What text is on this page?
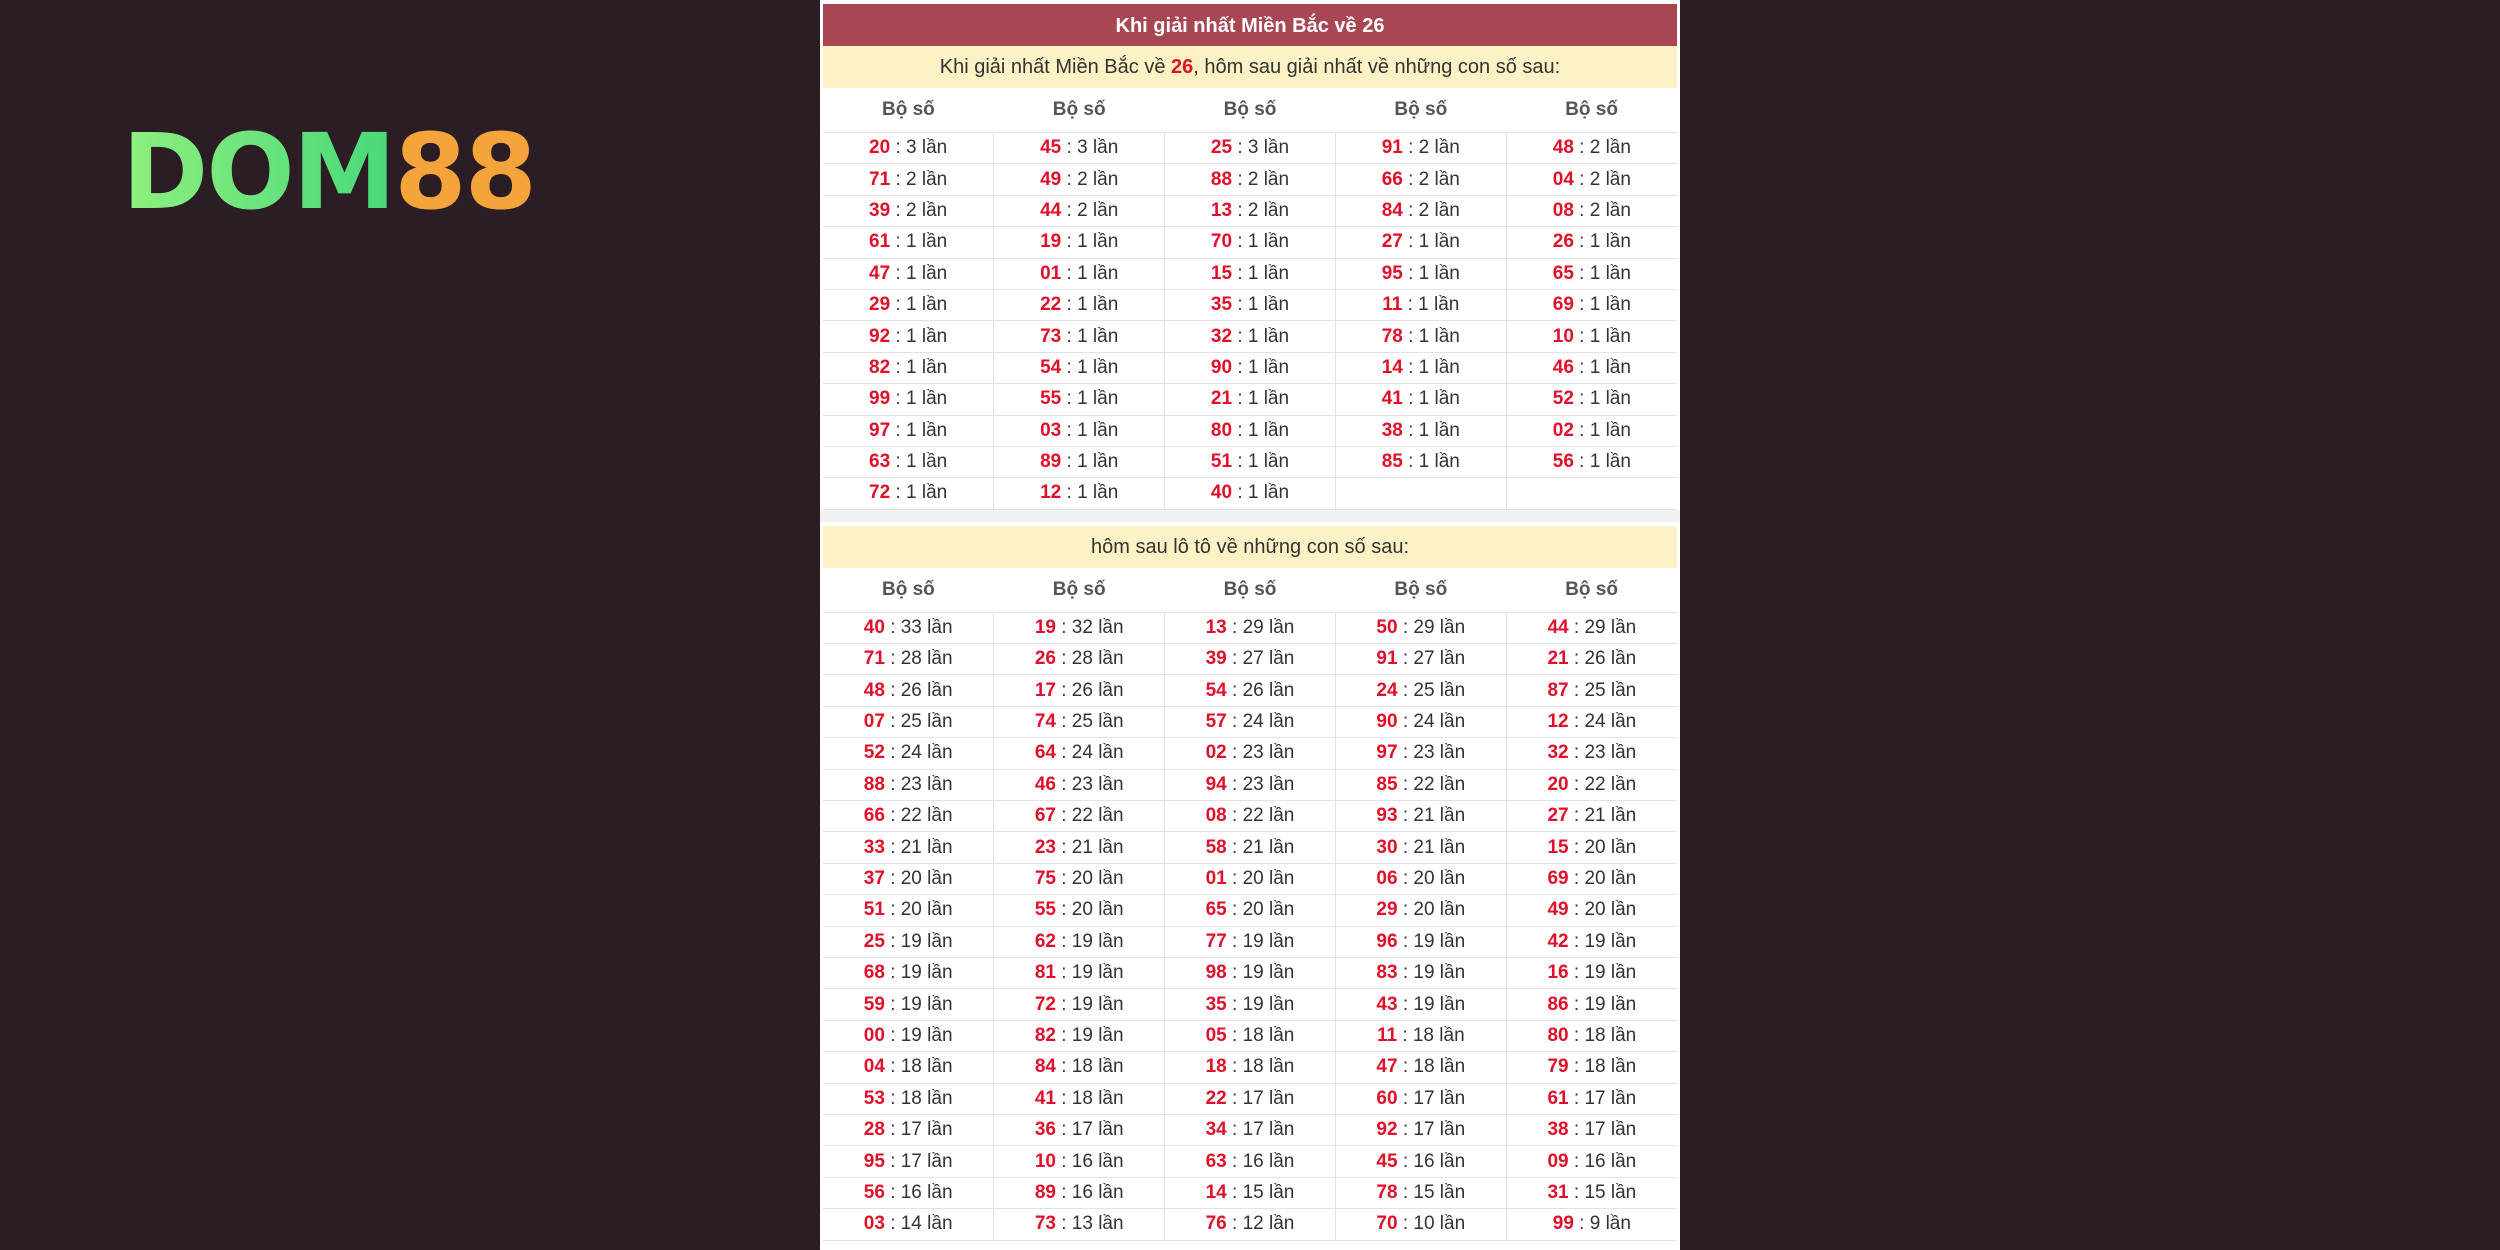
DOM 88
Khi giải nhất Miền Bắc về 26
Khi giải nhất Miền Bắc về 26, hôm sau giải nhất về những con số sau:
Bộ số	Bộ số	Bộ số	Bộ số	Bộ số
20 : 3 lần	45 : 3 lần	25 : 3 lần	91 : 2 lần	48 : 2 lần
71 : 2 lần	49 : 2 lần	88 : 2 lần	66 : 2 lần	04 : 2 lần
39 : 2 lần	44 : 2 lần	13 : 2 lần	84 : 2 lần	08 : 2 lần
61 : 1 lần	19 : 1 lần	70 : 1 lần	27 : 1 lần	26 : 1 lần
47 : 1 lần	01 : 1 lần	15 : 1 lần	95 : 1 lần	65 : 1 lần
29 : 1 lần	22 : 1 lần	35 : 1 lần	11 : 1 lần	69 : 1 lần
92 : 1 lần	73 : 1 lần	32 : 1 lần	78 : 1 lần	10 : 1 lần
82 : 1 lần	54 : 1 lần	90 : 1 lần	14 : 1 lần	46 : 1 lần
99 : 1 lần	55 : 1 lần	21 : 1 lần	41 : 1 lần	52 : 1 lần
97 : 1 lần	03 : 1 lần	80 : 1 lần	38 : 1 lần	02 : 1 lần
63 : 1 lần	89 : 1 lần	51 : 1 lần	85 : 1 lần	56 : 1 lần
72 : 1 lần	12 : 1 lần	40 : 1 lần		
hôm sau lô tô về những con số sau:
Bộ số	Bộ số	Bộ số	Bộ số	Bộ số
40 : 33 lần	19 : 32 lần	13 : 29 lần	50 : 29 lần	44 : 29 lần
71 : 28 lần	26 : 28 lần	39 : 27 lần	91 : 27 lần	21 : 26 lần
48 : 26 lần	17 : 26 lần	54 : 26 lần	24 : 25 lần	87 : 25 lần
07 : 25 lần	74 : 25 lần	57 : 24 lần	90 : 24 lần	12 : 24 lần
52 : 24 lần	64 : 24 lần	02 : 23 lần	97 : 23 lần	32 : 23 lần
88 : 23 lần	46 : 23 lần	94 : 23 lần	85 : 22 lần	20 : 22 lần
66 : 22 lần	67 : 22 lần	08 : 22 lần	93 : 21 lần	27 : 21 lần
33 : 21 lần	23 : 21 lần	58 : 21 lần	30 : 21 lần	15 : 20 lần
37 : 20 lần	75 : 20 lần	01 : 20 lần	06 : 20 lần	69 : 20 lần
51 : 20 lần	55 : 20 lần	65 : 20 lần	29 : 20 lần	49 : 20 lần
25 : 19 lần	62 : 19 lần	77 : 19 lần	96 : 19 lần	42 : 19 lần
68 : 19 lần	81 : 19 lần	98 : 19 lần	83 : 19 lần	16 : 19 lần
59 : 19 lần	72 : 19 lần	35 : 19 lần	43 : 19 lần	86 : 19 lần
00 : 19 lần	82 : 19 lần	05 : 18 lần	11 : 18 lần	80 : 18 lần
04 : 18 lần	84 : 18 lần	18 : 18 lần	47 : 18 lần	79 : 18 lần
53 : 18 lần	41 : 18 lần	22 : 17 lần	60 : 17 lần	61 : 17 lần
28 : 17 lần	36 : 17 lần	34 : 17 lần	92 : 17 lần	38 : 17 lần
95 : 17 lần	10 : 16 lần	63 : 16 lần	45 : 16 lần	09 : 16 lần
56 : 16 lần	89 : 16 lần	14 : 15 lần	78 : 15 lần	31 : 15 lần
03 : 14 lần	73 : 13 lần	76 : 12 lần	70 : 10 lần	99 : 9 lần
